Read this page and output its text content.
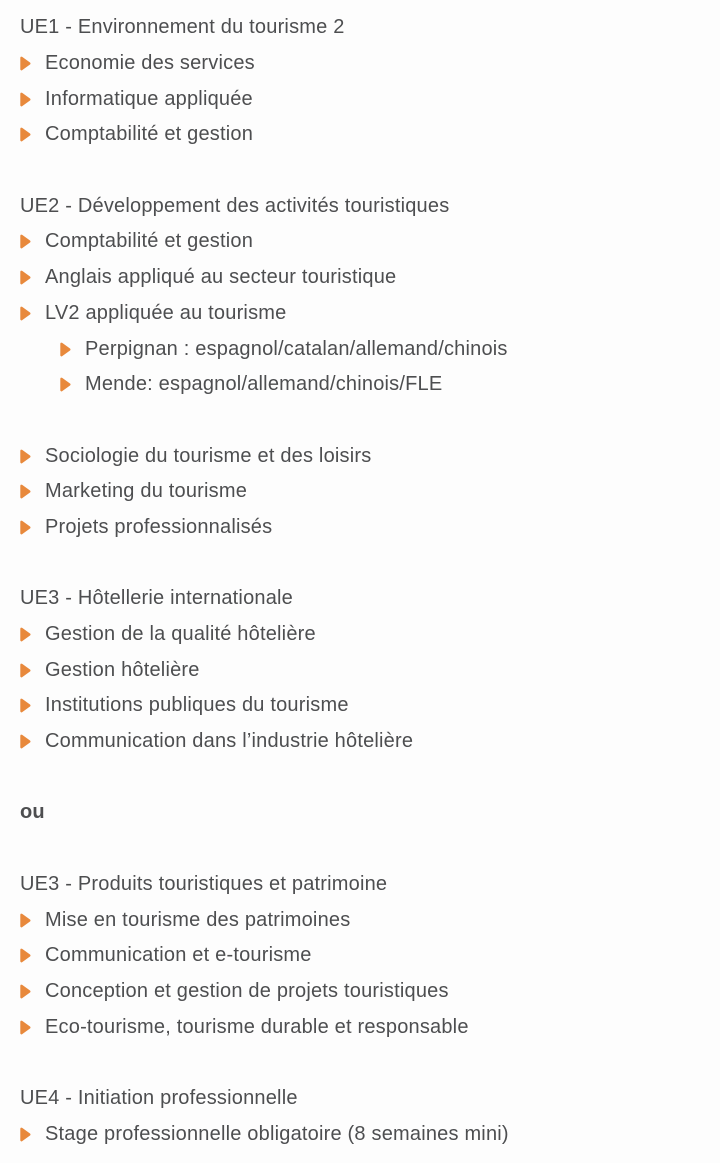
UE1 - Environnement du tourisme 2
Economie des services
Informatique appliquée
Comptabilité et gestion
UE2 - Développement des activités touristiques
Comptabilité et gestion
Anglais appliqué au secteur touristique
LV2 appliquée au tourisme
Perpignan : espagnol/catalan/allemand/chinois
Mende: espagnol/allemand/chinois/FLE
Sociologie du tourisme et des loisirs
Marketing du tourisme
Projets professionnalisés
UE3 - Hôtellerie internationale
Gestion de la qualité hôtelière
Gestion hôtelière
Institutions publiques du tourisme
Communication dans l’industrie hôtelière
ou
UE3 - Produits touristiques et patrimoine
Mise en tourisme des patrimoines
Communication et e-tourisme
Conception et gestion de projets touristiques
Eco-tourisme, tourisme durable et responsable
UE4 - Initiation professionnelle
Stage professionnelle obligatoire (8 semaines mini)
